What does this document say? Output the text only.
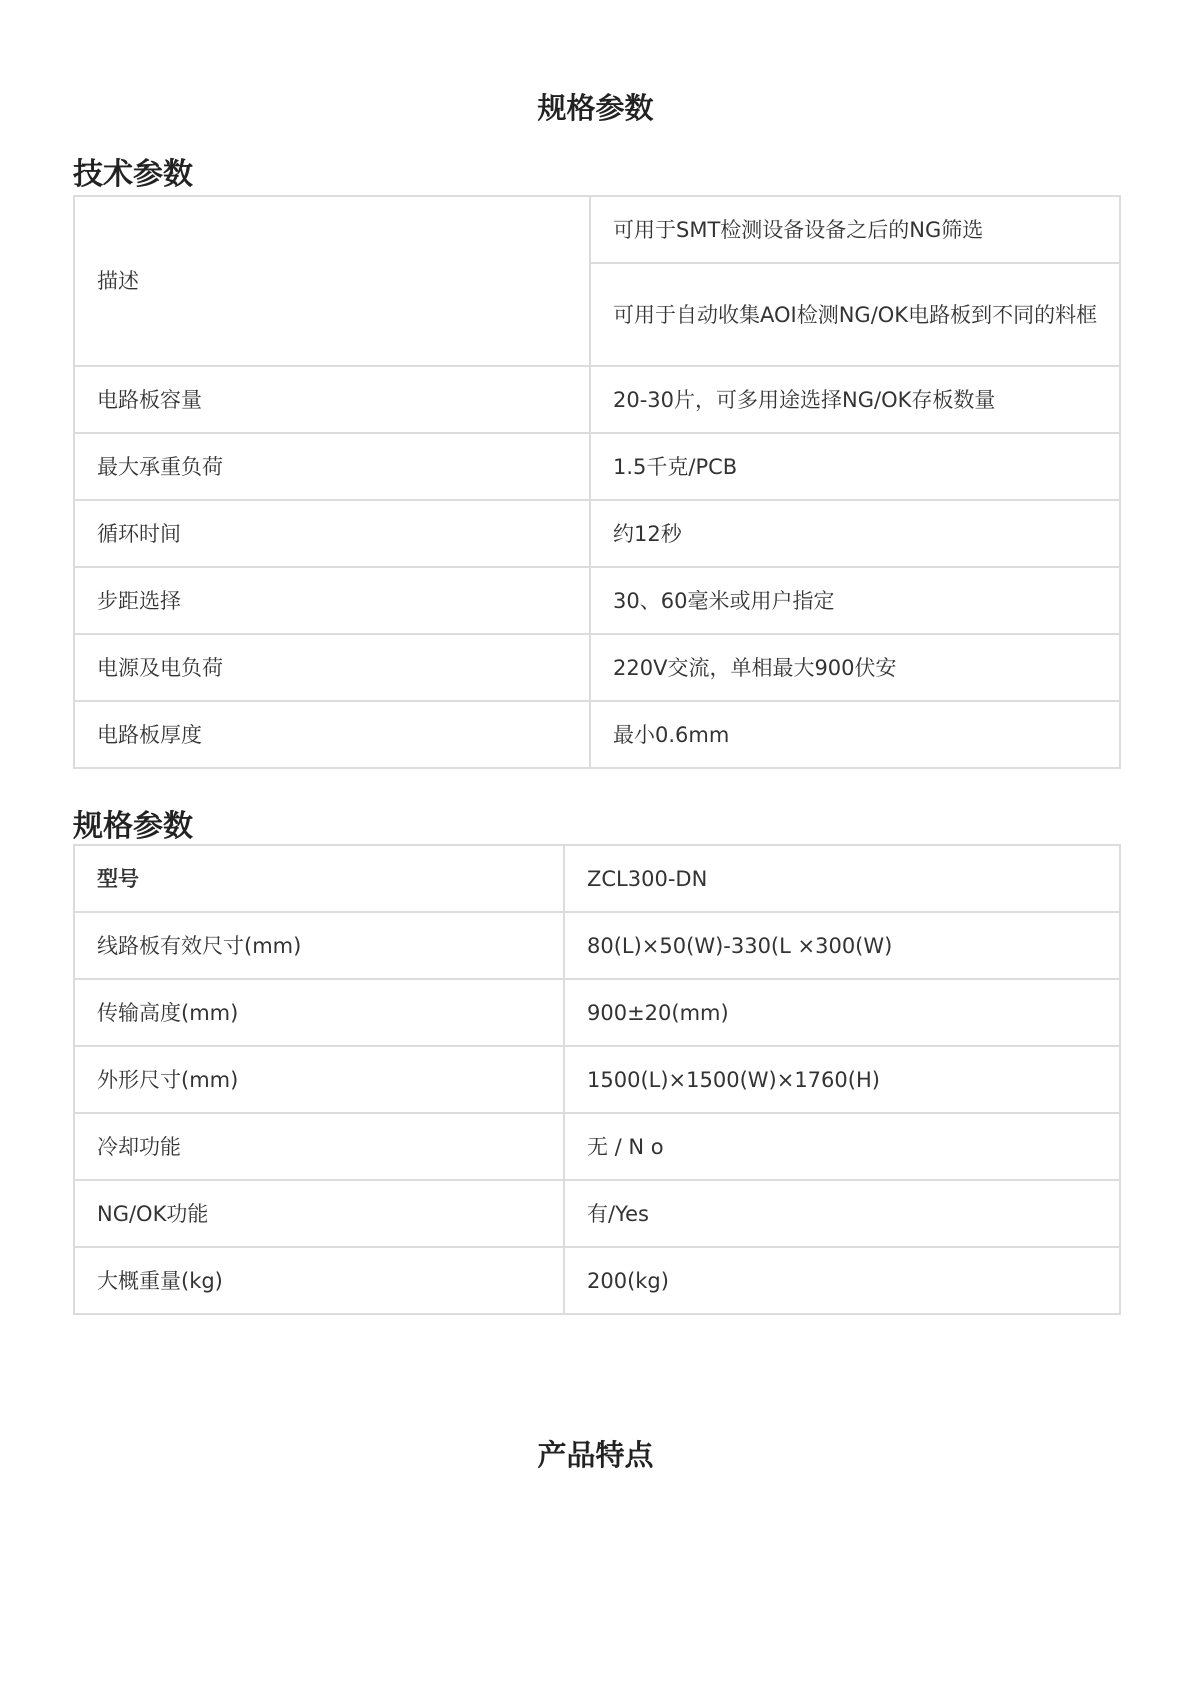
规格参数
技术参数
描述	可用于SMT检测设备设备之后的NG筛选
	可用于自动收集AOI检测NG/OK电路板到不同的料框
电路板容量	20-30片，可多用途选择NG/OK存板数量
最大承重负荷	1.5千克/PCB
循环时间	约12秒
步距选择	30、60毫米或用户指定
电源及电负荷	220V交流，单相最大900伏安
电路板厚度	最小0.6mm
规格参数
型号	ZCL300-DN
线路板有效尺寸(mm)	80(L)×50(W)-330(L ×300(W)
传输高度(mm)	900±20(mm)
外形尺寸(mm)	1500(L)×1500(W)×1760(H)
冷却功能	无 / N o
NG/OK功能	有/Yes
大概重量(kg)	200(kg)
产品特点
